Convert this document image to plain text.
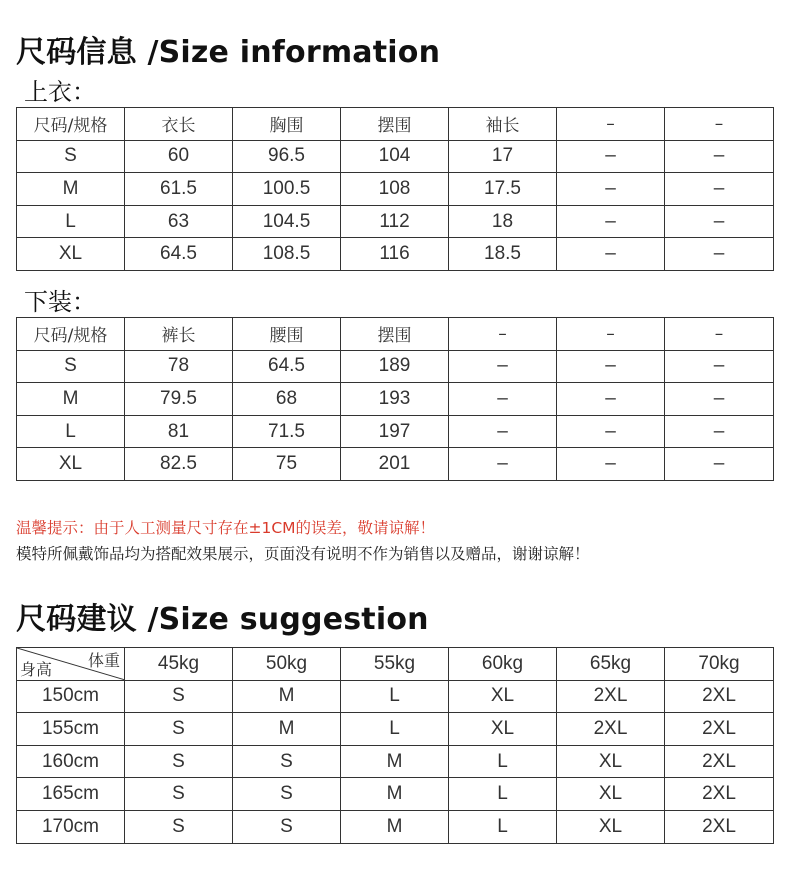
尺码信息 /Size information
上衣：
尺码/规格	衣长	胸围	摆围	袖长	–	–
S	60	96.5	104	17	–	–
M	61.5	100.5	108	17.5	–	–
L	63	104.5	112	18	–	–
XL	64.5	108.5	116	18.5	–	–
下装：
尺码/规格	裤长	腰围	摆围	–	–	–
S	78	64.5	189	–	–	–
M	79.5	68	193	–	–	–
L	81	71.5	197	–	–	–
XL	82.5	75	201	–	–	–
温馨提示：由于人工测量尺寸存在±1CM的误差，敬请谅解！
模特所佩戴饰品均为搭配效果展示，页面没有说明不作为销售以及赠品，谢谢谅解！
尺码建议 /Size suggestion
体重
身高	45kg	50kg	55kg	60kg	65kg	70kg
150cm	S	M	L	XL	2XL	2XL
155cm	S	M	L	XL	2XL	2XL
160cm	S	S	M	L	XL	2XL
165cm	S	S	M	L	XL	2XL
170cm	S	S	M	L	XL	2XL
